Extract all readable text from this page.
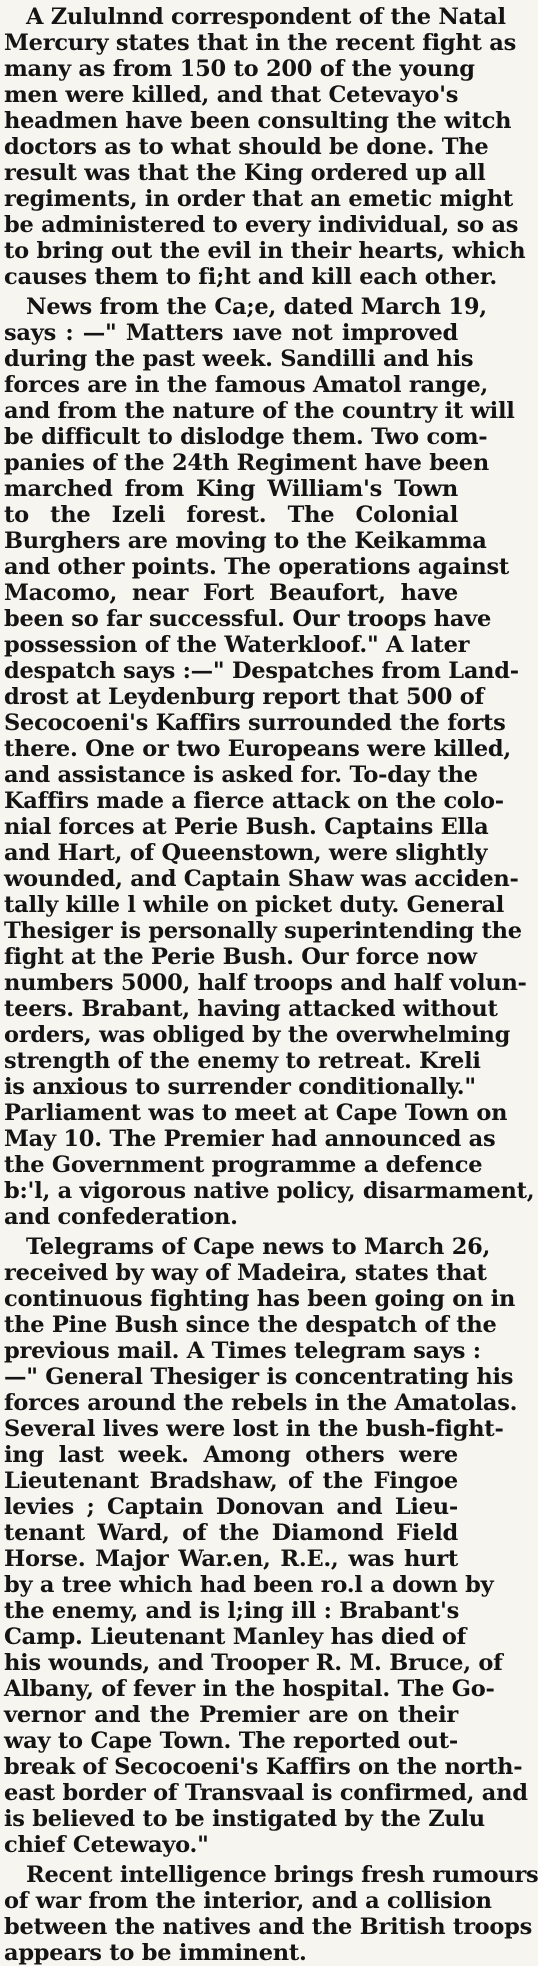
A Zululnnd correspondent of the Natal
Mercury states that in the recent fight as
many as from 150 to 200 of the young
men were killed, and that Cetevayo's
headmen have been consulting the witch
doctors as to what should be done. The
result was that the King ordered up all
regiments, in order that an emetic might
be administered to every individual, so as
to bring out the evil in their hearts, which
causes them to fi;ht and kill each other.

News from the Ca;e, dated March 19,
says : —" Matters ıave not improved
during the past week. Sandilli and his
forces are in the famous Amatol range,
and from the nature of the country it will
be difficult to dislodge them. Two com-
panies of the 24th Regiment have been
marched from King William's Town
to the Izeli forest. The Colonial
Burghers are moving to the Keikamma
and other points. The operations against
Macomo, near Fort Beaufort, have
been so far successful. Our troops have
possession of the Waterkloof." A later
despatch says :—" Despatches from Land-
drost at Leydenburg report that 500 of
Secocoeni's Kaffirs surrounded the forts
there. One or two Europeans were killed,
and assistance is asked for. To-day the
Kaffirs made a fierce attack on the colo-
nial forces at Perie Bush. Captains Ella
and Hart, of Queenstown, were slightly
wounded, and Captain Shaw was acciden-
tally kille l while on picket duty. General
Thesiger is personally superintending the
fight at the Perie Bush. Our force now
numbers 5000, half troops and half volun-
teers. Brabant, having attacked without
orders, was obliged by the overwhelming
strength of the enemy to retreat. Kreli
is anxious to surrender conditionally."
Parliament was to meet at Cape Town on
May 10. The Premier had announced as
the Government programme a defence
b:'l, a vigorous native policy, disarmament,
and confederation.

Telegrams of Cape news to March 26,
received by way of Madeira, states that
continuous fighting has been going on in
the Pine Bush since the despatch of the
previous mail. A Times telegram says :
—" General Thesiger is concentrating his
forces around the rebels in the Amatolas.
Several lives were lost in the bush-fight-
ing last week. Among others were
Lieutenant Bradshaw, of the Fingoe
levies ; Captain Donovan and Lieu-
tenant Ward, of the Diamond Field
Horse. Major War.en, R.E., was hurt
by a tree which had been ro.l a down by
the enemy, and is l;ing ill : Brabant's
Camp. Lieutenant Manley has died of
his wounds, and Trooper R. M. Bruce, of
Albany, of fever in the hospital. The Go-
vernor and the Premier are on their
way to Cape Town. The reported out-
break of Secocoeni's Kaffirs on the north-
east border of Transvaal is confirmed, and
is believed to be instigated by the Zulu
chief Cetewayo."

Recent intelligence brings fresh rumours
of war from the interior, and a collision
between the natives and the British troops
appears to be imminent.
